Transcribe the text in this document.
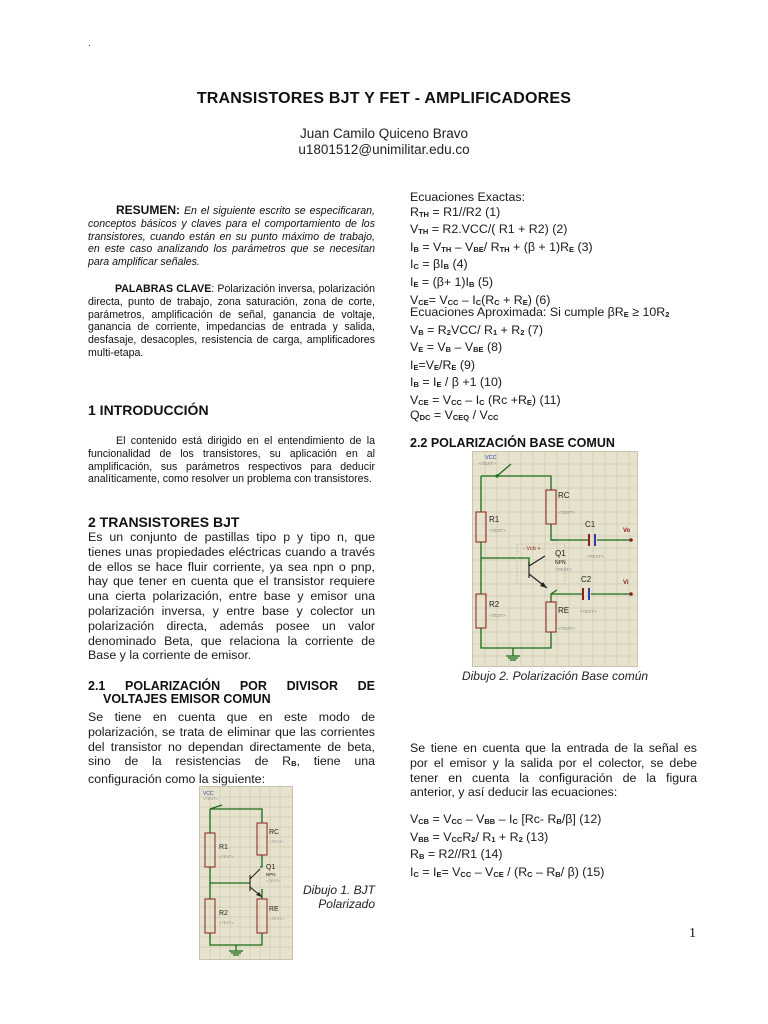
.
TRANSISTORES BJT Y FET - AMPLIFICADORES
Juan Camilo Quiceno Bravo
u1801512@unimilitar.edu.co
RESUMEN: En el siguiente escrito se especificaran, conceptos básicos y claves para el comportamiento de los transistores, cuando están en su punto máximo de trabajo, en este caso analizando los parámetros que se necesitan para amplificar señales.
PALABRAS CLAVE: Polarización inversa, polarización directa, punto de trabajo, zona saturación, zona de corte, parámetros, amplificación de señal, ganancia de voltaje, ganancia de corriente, impedancias de entrada y salida, desfasaje, desacoples, resistencia de carga, amplificadores multi-etapa.
1 INTRODUCCIÓN
El contenido está dirigido en el entendimiento de la funcionalidad de los transistores, su aplicación en al amplificación, sus parámetros respectivos para deducir analíticamente, como resolver un problema con transistores.
2 TRANSISTORES BJT
Es un conjunto de pastillas tipo p y tipo n, que tienes unas propiedades eléctricas cuando a través de ellos se hace fluir corriente, ya sea npn o pnp, hay que tener en cuenta que el transistor requiere una cierta polarización, entre base y emisor una polarización inversa, y entre base y colector un polarización directa, además posee un valor denominado Beta, que relaciona la corriente de Base y la corriente de emisor.
2.1 POLARIZACIÓN POR DIVISOR DE
VOLTAJES EMISOR COMUN
Se tiene en cuenta que en este modo de polarización, se trata de eliminar que las corrientes del transistor no dependan directamente de beta, sino de la resistencias de $R_B$, tiene una configuración como la siguiente:
VCC
<TEXT>
R1
<TEXT>
R2
<TEXT>
RC
<TEXT>
Q1
NPN
<TEXT>
RE
<TEXT>
Dibujo 1. BJT
Polarizado
Ecuaciones Exactas:
$R_{TH} = R1//R2$ (1)
$V_{TH} = R2.VCC/$( R1 + R2) (2)
$I_B = V_{TH} - V_{BE}/$ $R_{TH} + (\beta + 1)R_E$ (3)
$I_C = \beta I_B$ (4)
$I_E = (\beta+ 1)I_B$ (5)
$V_{CE}= V_{CC} - I_C(R_C + R_E)$ (6)
Ecuaciones Aproximada: Si cumple $\beta R_E \ge 10R_2$
$V_B = R_2VCC/$ $R_1 + R_2$ (7)
$V_E = V_B - V_{BE}$ (8)
$I_E=V_E/R_E$ (9)
$I_B = I_E / \beta +1$ (10)
$V_{CE} = V_{CC} - I_C$ $(Rc +R_E)$ (11)
$Q_{DC} = V_{CEQ} / V_{CC}$
2.2 POLARIZACIÓN BASE COMUN
VCC
<TEXT>
R1
<TEXT>
R2
<TEXT>
RC
<TEXT>
C1
<TEXT>
Vo
- Vcb + Q1
NPN
<TEXT>
C2	Vi
RE <TEXT>
<TEXT>
Dibujo 2. Polarización Base común
Se tiene en cuenta que la entrada de la señal es por el emisor y la salida por el colector, se debe tener en cuenta la configuración de la figura anterior, y así deducir las ecuaciones:
$V_{CB} = V_{CC} - V_{BB} - I_C$ [Rc- $R_B/\beta$] (12)
$V_{BB} = V_{CC}R_2/$ $R_1 + R_2$ (13)
$R_B = R2//R1$ (14)
$I_C = I_E= V_{CC} - V_{CE} / (R_C - R_B/$ β) (15)
1
